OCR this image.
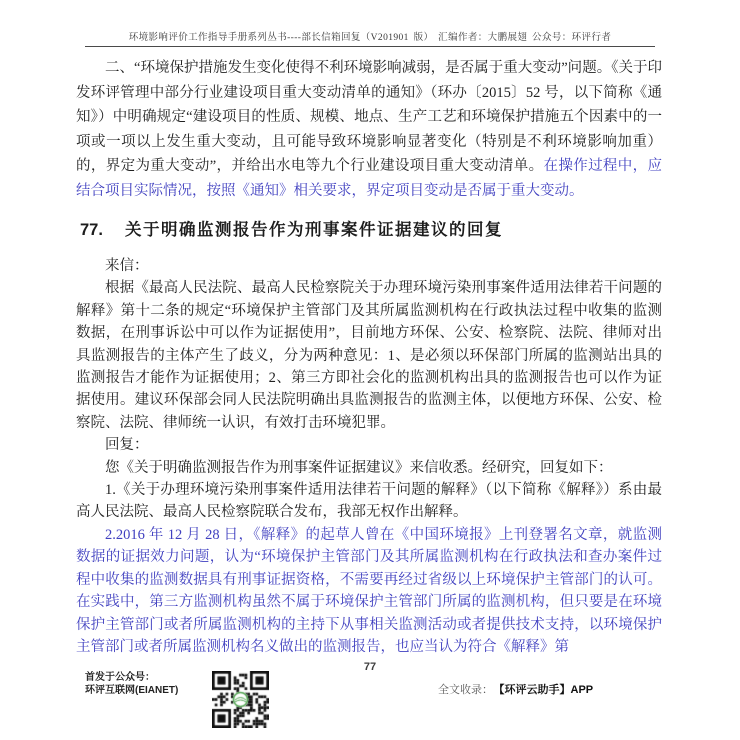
环境影响评价工作指导手册系列丛书----部长信箱回复（V201901 版） 汇编作者：大鹏展翅 公众号：环评行者

二、“环境保护措施发生变化使得不利环境影响减弱，是否属于重大变动”问题。《关于印发环评管理中部分行业建设项目重大变动清单的通知》（环办〔2015〕52 号，以下简称《通知》）中明确规定“建设项目的性质、规模、地点、生产工艺和环境保护措施五个因素中的一项或一项以上发生重大变动，且可能导致环境影响显著变化（特别是不利环境影响加重）的，界定为重大变动”，并给出水电等九个行业建设项目重大变动清单。在操作过程中，应结合项目实际情况，按照《通知》相关要求，界定项目变动是否属于重大变动。

77. 关于明确监测报告作为刑事案件证据建议的回复

来信：

根据《最高人民法院、最高人民检察院关于办理环境污染刑事案件适用法律若干问题的解释》第十二条的规定“环境保护主管部门及其所属监测机构在行政执法过程中收集的监测数据，在刑事诉讼中可以作为证据使用”，目前地方环保、公安、检察院、法院、律师对出具监测报告的主体产生了歧义，分为两种意见：1、是必须以环保部门所属的监测站出具的监测报告才能作为证据使用；2、第三方即社会化的监测机构出具的监测报告也可以作为证据使用。建议环保部会同人民法院明确出具监测报告的监测主体，以便地方环保、公安、检察院、法院、律师统一认识，有效打击环境犯罪。

回复：

您《关于明确监测报告作为刑事案件证据建议》来信收悉。经研究，回复如下：

1.《关于办理环境污染刑事案件适用法律若干问题的解释》（以下简称《解释》）系由最高人民法院、最高人民检察院联合发布，我部无权作出解释。

2.2016 年 12 月 28 日，《解释》的起草人曾在《中国环境报》上刊登署名文章，就监测数据的证据效力问题，认为“环境保护主管部门及其所属监测机构在行政执法和查办案件过程中收集的监测数据具有刑事证据资格，不需要再经过省级以上环境保护主管部门的认可。在实践中，第三方监测机构虽然不属于环境保护主管部门所属的监测机构，但只要是在环境保护主管部门或者所属监测机构的主持下从事相关监测活动或者提供技术支持，以环境保护主管部门或者所属监测机构名义做出的监测报告，也应当认为符合《解释》第

77
首发于公众号：
环评互联网(EIANET)	全文收录： 【环评云助手】APP
